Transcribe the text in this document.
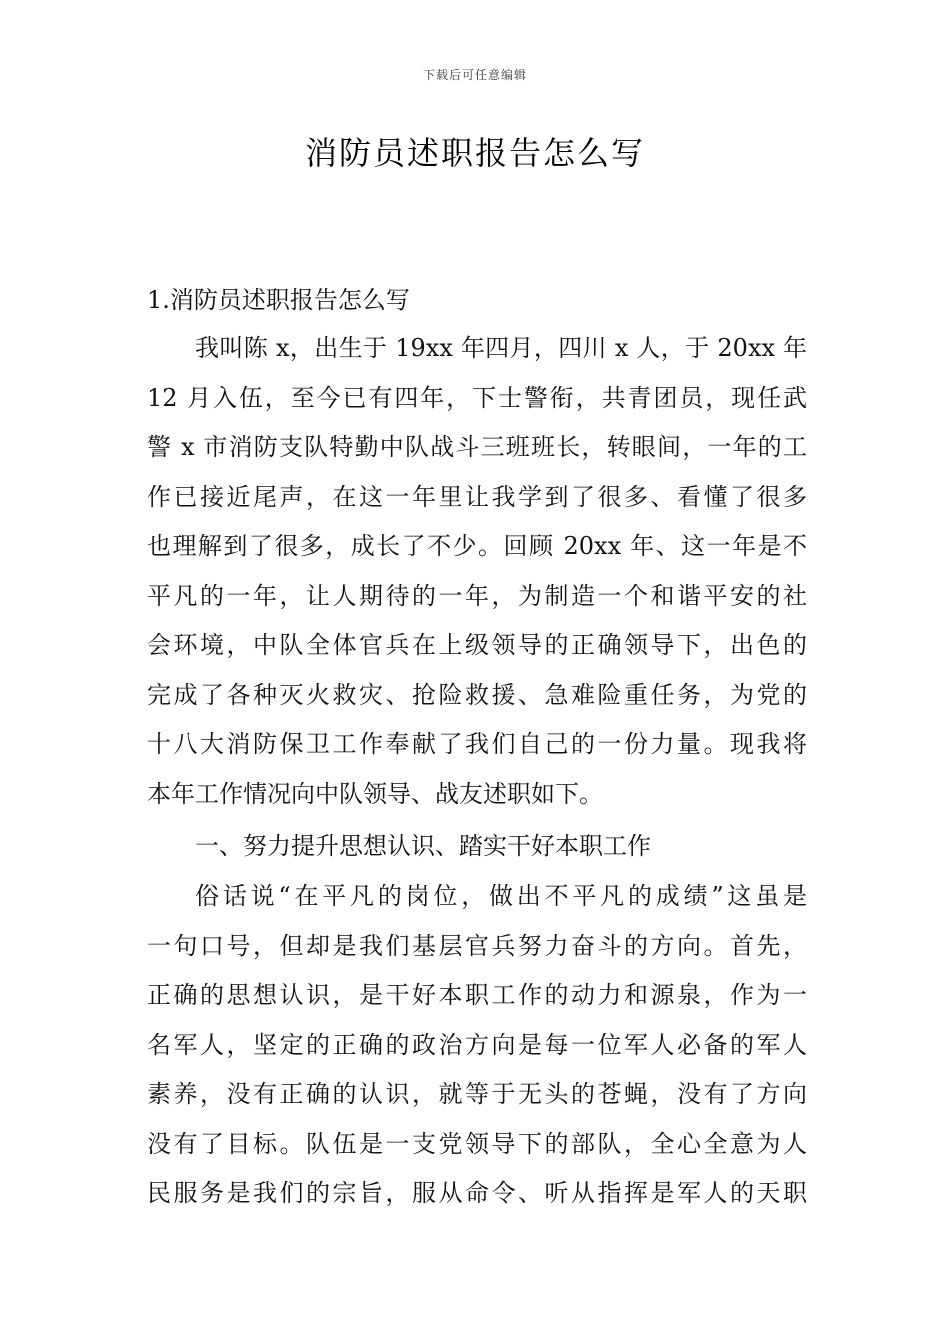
下载后可任意编辑
消防员述职报告怎么写
1.消防员述职报告怎么写
我叫陈 x，出生于 19xx 年四月，四川 x 人，于 20xx 年
12 月入伍，至今已有四年，下士警衔，共青团员，现任武
警 x 市消防支队特勤中队战斗三班班长，转眼间，一年的工
作已接近尾声，在这一年里让我学到了很多、看懂了很多
也理解到了很多，成长了不少。回顾 20xx 年、这一年是不
平凡的一年，让人期待的一年，为制造一个和谐平安的社
会环境，中队全体官兵在上级领导的正确领导下，出色的
完成了各种灭火救灾、抢险救援、急难险重任务，为党的
十八大消防保卫工作奉献了我们自己的一份力量。现我将
本年工作情况向中队领导、战友述职如下。
一、努力提升思想认识、踏实干好本职工作
俗话说“在平凡的岗位，做出不平凡的成绩”这虽是
一句口号，但却是我们基层官兵努力奋斗的方向。首先，
正确的思想认识，是干好本职工作的动力和源泉，作为一
名军人，坚定的正确的政治方向是每一位军人必备的军人
素养，没有正确的认识，就等于无头的苍蝇，没有了方向
没有了目标。队伍是一支党领导下的部队，全心全意为人
民服务是我们的宗旨，服从命令、听从指挥是军人的天职
